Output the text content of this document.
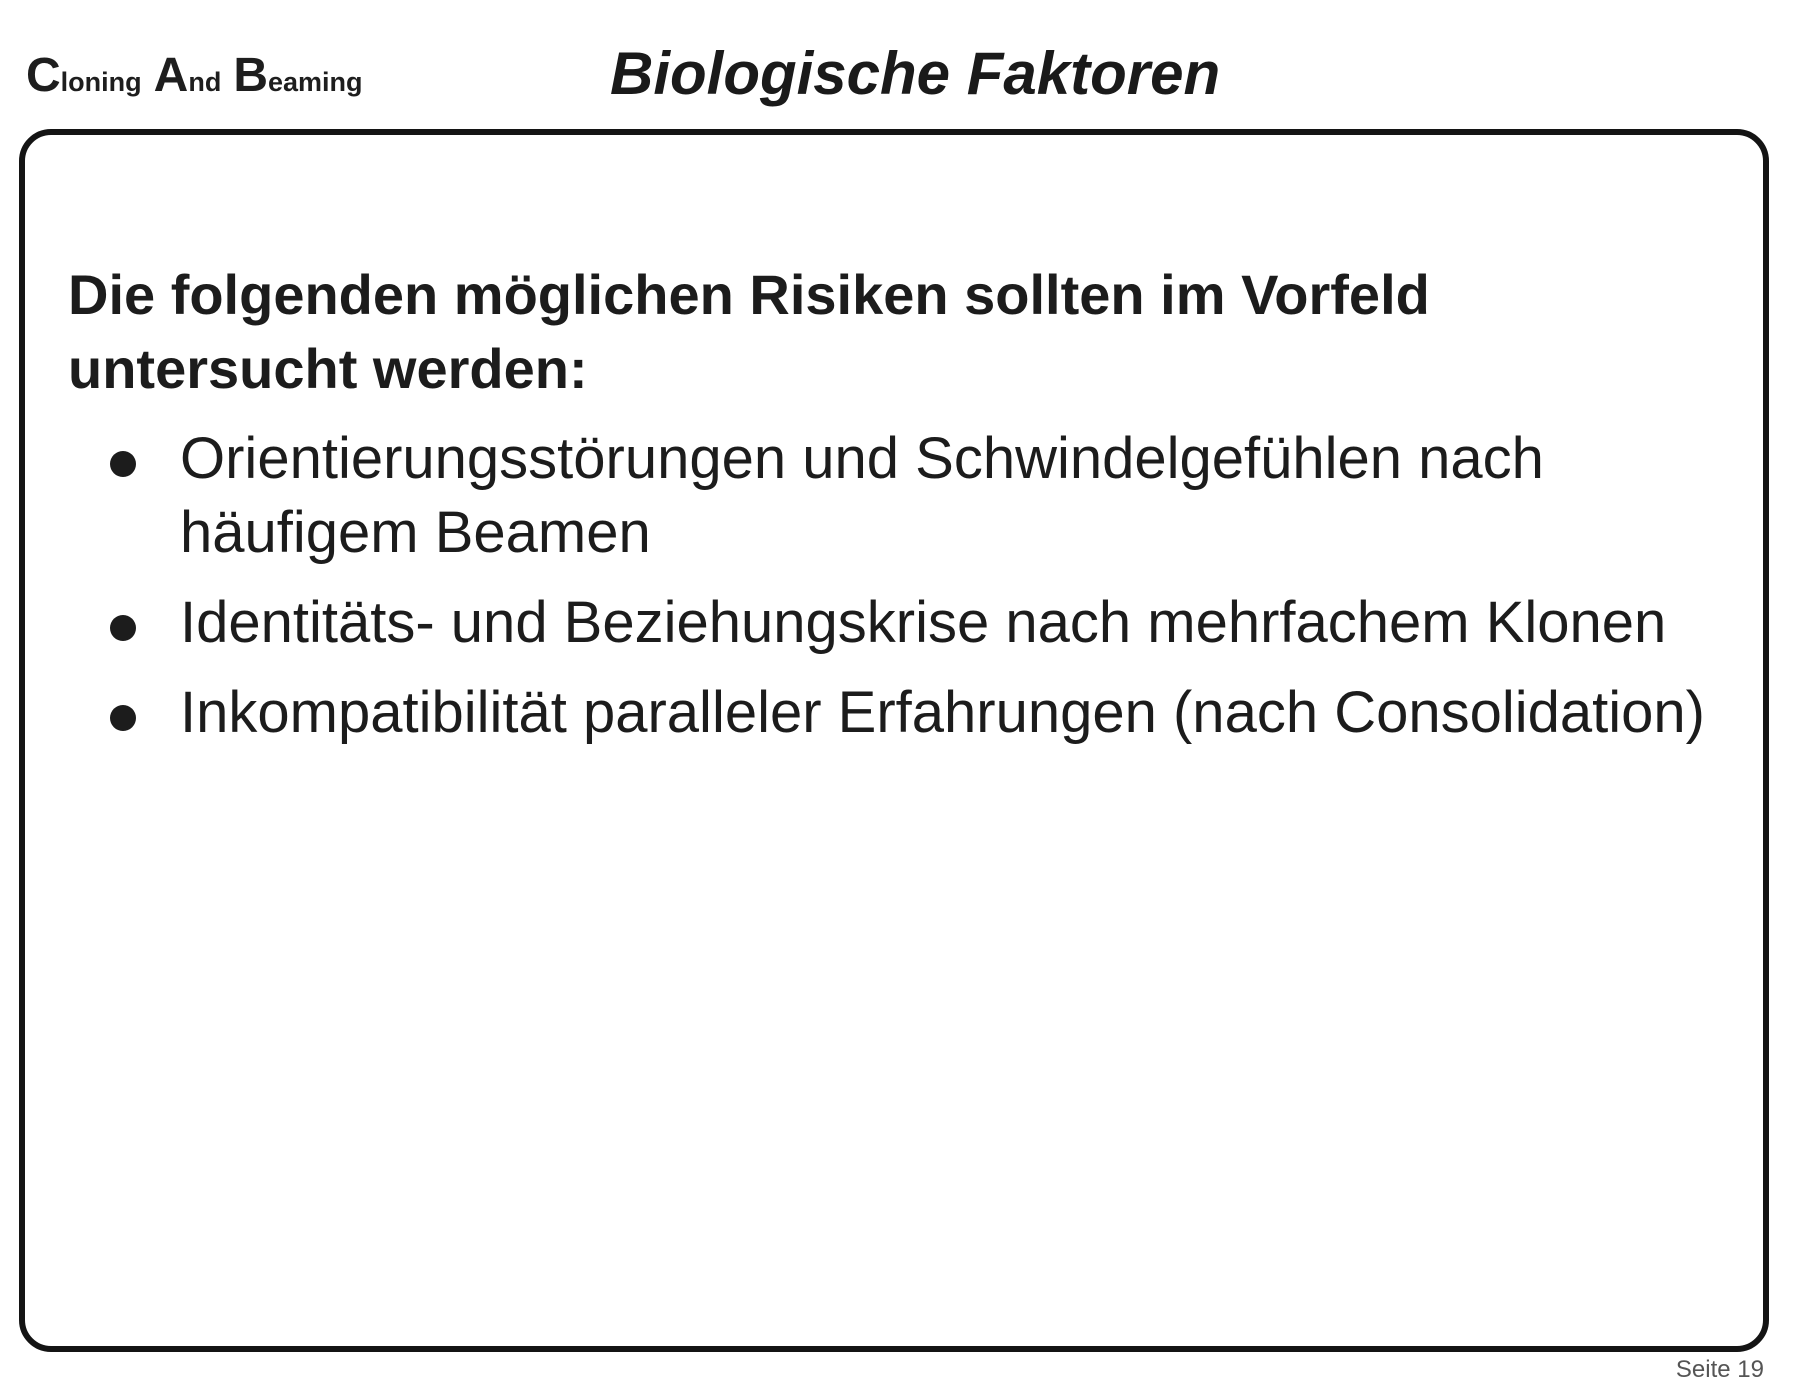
Cloning And Beaming	Biologische Faktoren

Die folgenden möglichen Risiken sollten im Vorfeld untersucht werden:

Orientierungsstörungen und Schwindelgefühlen nach häufigem Beamen
Identitäts- und Beziehungskrise nach mehrfachem Klonen
Inkompatibilität paralleler Erfahrungen (nach Consolidation)
Seite 19
